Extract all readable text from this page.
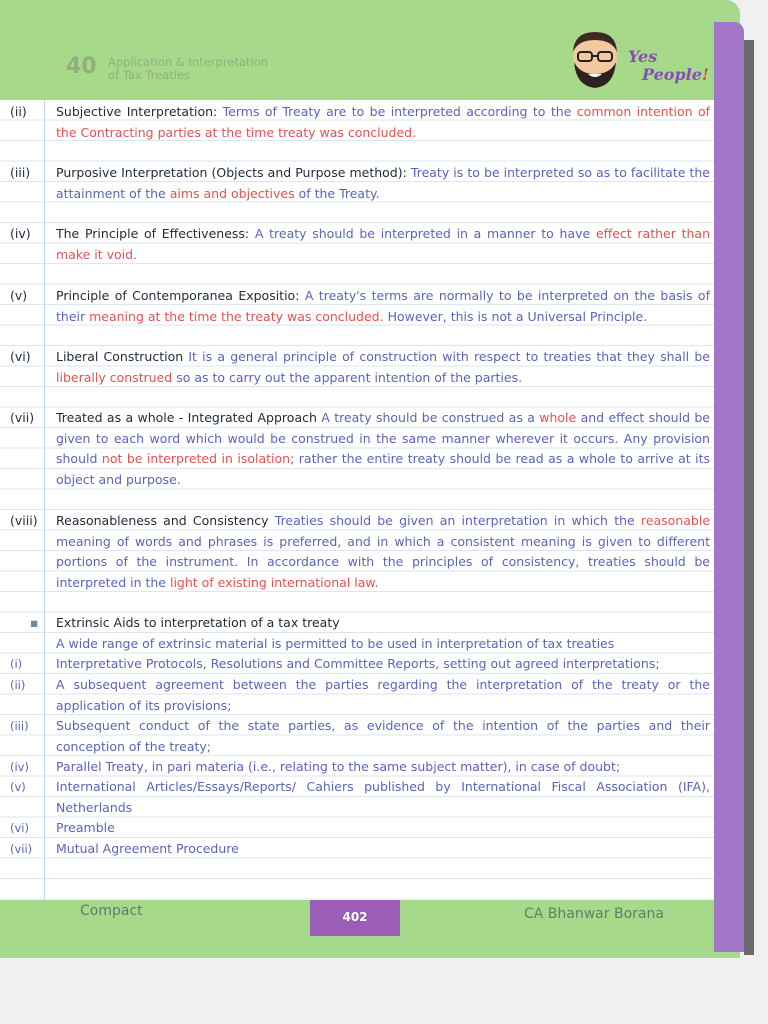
40 Application & Interpretation
of Tax Treaties
Yes
People!
(ii) Subjective Interpretation: Terms of Treaty are to be interpreted according to the common intention of the Contracting parties at the time treaty was concluded.
(iii) Purposive Interpretation (Objects and Purpose method): Treaty is to be interpreted so as to facilitate the attainment of the aims and objectives of the Treaty.
(iv) The Principle of Effectiveness: A treaty should be interpreted in a manner to have effect rather than make it void.
(v) Principle of Contemporanea Expositio: A treaty's terms are normally to be interpreted on the basis of their meaning at the time the treaty was concluded. However, this is not a Universal Principle.
(vi) Liberal Construction It is a general principle of construction with respect to treaties that they shall be liberally construed so as to carry out the apparent intention of the parties.
(vii) Treated as a whole - Integrated Approach A treaty should be construed as a whole and effect should be given to each word which would be construed in the same manner wherever it occurs. Any provision should not be interpreted in isolation; rather the entire treaty should be read as a whole to arrive at its object and purpose.
(viii) Reasonableness and Consistency Treaties should be given an interpretation in which the reasonable meaning of words and phrases is preferred, and in which a consistent meaning is given to different portions of the instrument. In accordance with the principles of consistency, treaties should be interpreted in the light of existing international law.
▪ Extrinsic Aids to interpretation of a tax treaty
A wide range of extrinsic material is permitted to be used in interpretation of tax treaties
(i)	Interpretative Protocols, Resolutions and Committee Reports, setting out agreed interpretations;
(ii) A subsequent agreement between the parties regarding the interpretation of the treaty or the application of its provisions;
(iii) Subsequent conduct of the state parties, as evidence of the intention of the parties and their conception of the treaty;
(iv) Parallel Treaty, in pari materia (i.e., relating to the same subject matter), in case of doubt;
(v) International Articles/Essays/Reports/ Cahiers published by International Fiscal Association (IFA), Netherlands
(vi) Preamble
(vii) Mutual Agreement Procedure
Compact	402	CA Bhanwar Borana
